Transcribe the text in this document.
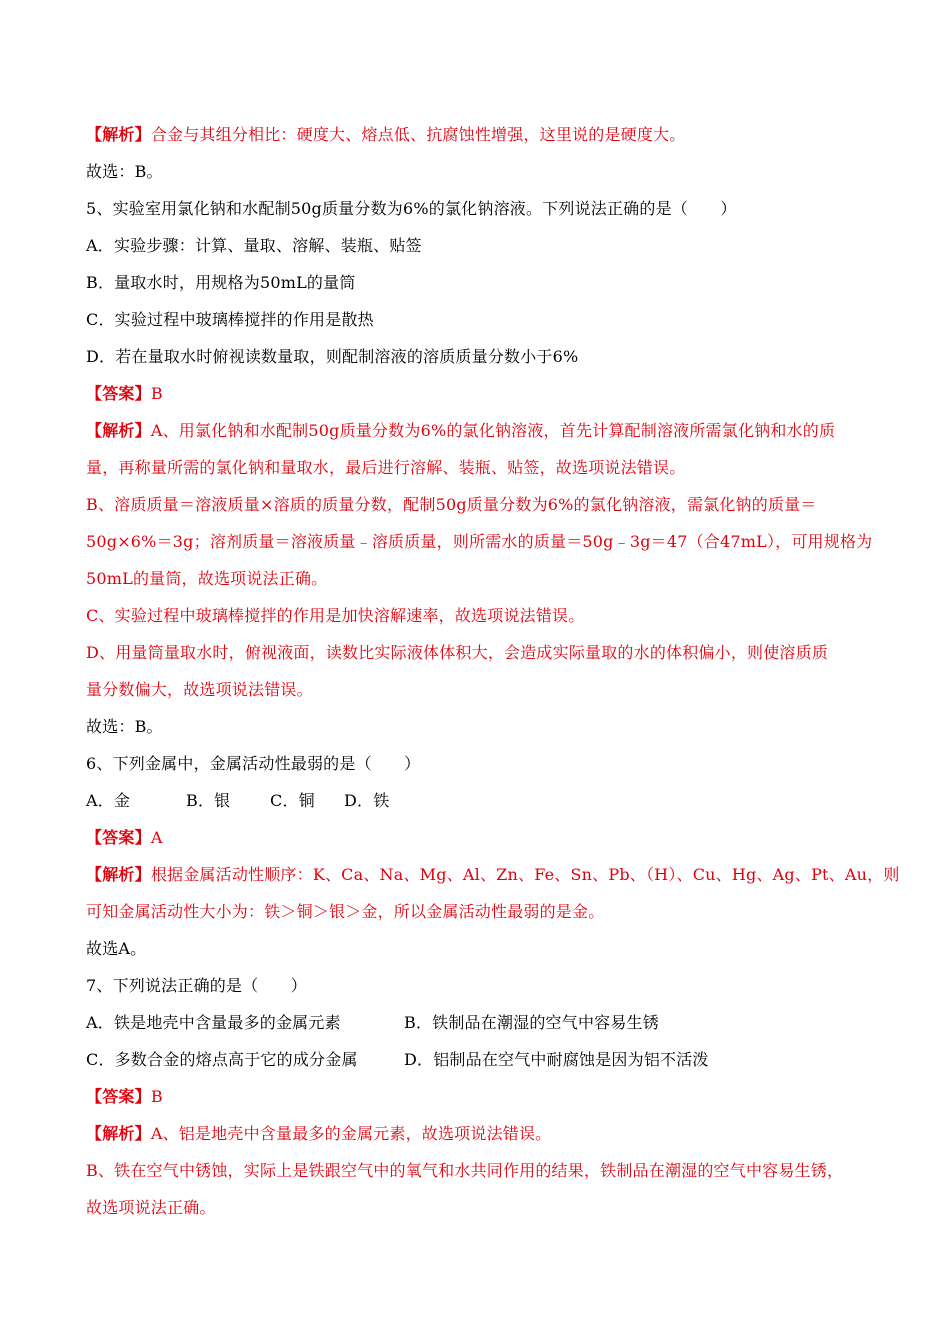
【解析】合金与其组分相比：硬度大、熔点低、抗腐蚀性增强，这里说的是硬度大。

故选：B。

5、实验室用氯化钠和水配制50g质量分数为6%的氯化钠溶液。下列说法正确的是（　　）

A．实验步骤：计算、量取、溶解、装瓶、贴签

B．量取水时，用规格为50mL的量筒

C．实验过程中玻璃棒搅拌的作用是散热

D．若在量取水时俯视读数量取，则配制溶液的溶质质量分数小于6%

【答案】B

【解析】A、用氯化钠和水配制50g质量分数为6%的氯化钠溶液，首先计算配制溶液所需氯化钠和水的质

量，再称量所需的氯化钠和量取水，最后进行溶解、装瓶、贴签，故选项说法错误。

B、溶质质量＝溶液质量×溶质的质量分数，配制50g质量分数为6%的氯化钠溶液，需氯化钠的质量＝

50g×6%＝3g；溶剂质量＝溶液质量﹣溶质质量，则所需水的质量＝50g﹣3g＝47（合47mL），可用规格为

50mL的量筒，故选项说法正确。

C、实验过程中玻璃棒搅拌的作用是加快溶解速率，故选项说法错误。

D、用量筒量取水时，俯视液面，读数比实际液体体积大，会造成实际量取的水的体积偏小，则使溶质质

量分数偏大，故选项说法错误。

故选：B。

6、下列金属中，金属活动性最弱的是（　　）

A．金	B．银 C．铜 D．铁

【答案】A

【解析】根据金属活动性顺序：K、Ca、Na、Mg、Al、Zn、Fe、Sn、Pb、（H）、Cu、Hg、Ag、Pt、Au，则

可知金属活动性大小为：铁＞铜＞银＞金，所以金属活动性最弱的是金。

故选A。

7、下列说法正确的是（　　）

A．铁是地壳中含量最多的金属元素	B．铁制品在潮湿的空气中容易生锈

C．多数合金的熔点高于它的成分金属	D．铝制品在空气中耐腐蚀是因为铝不活泼

【答案】B

【解析】A、铝是地壳中含量最多的金属元素，故选项说法错误。

B、铁在空气中锈蚀，实际上是铁跟空气中的氧气和水共同作用的结果，铁制品在潮湿的空气中容易生锈，

故选项说法正确。
